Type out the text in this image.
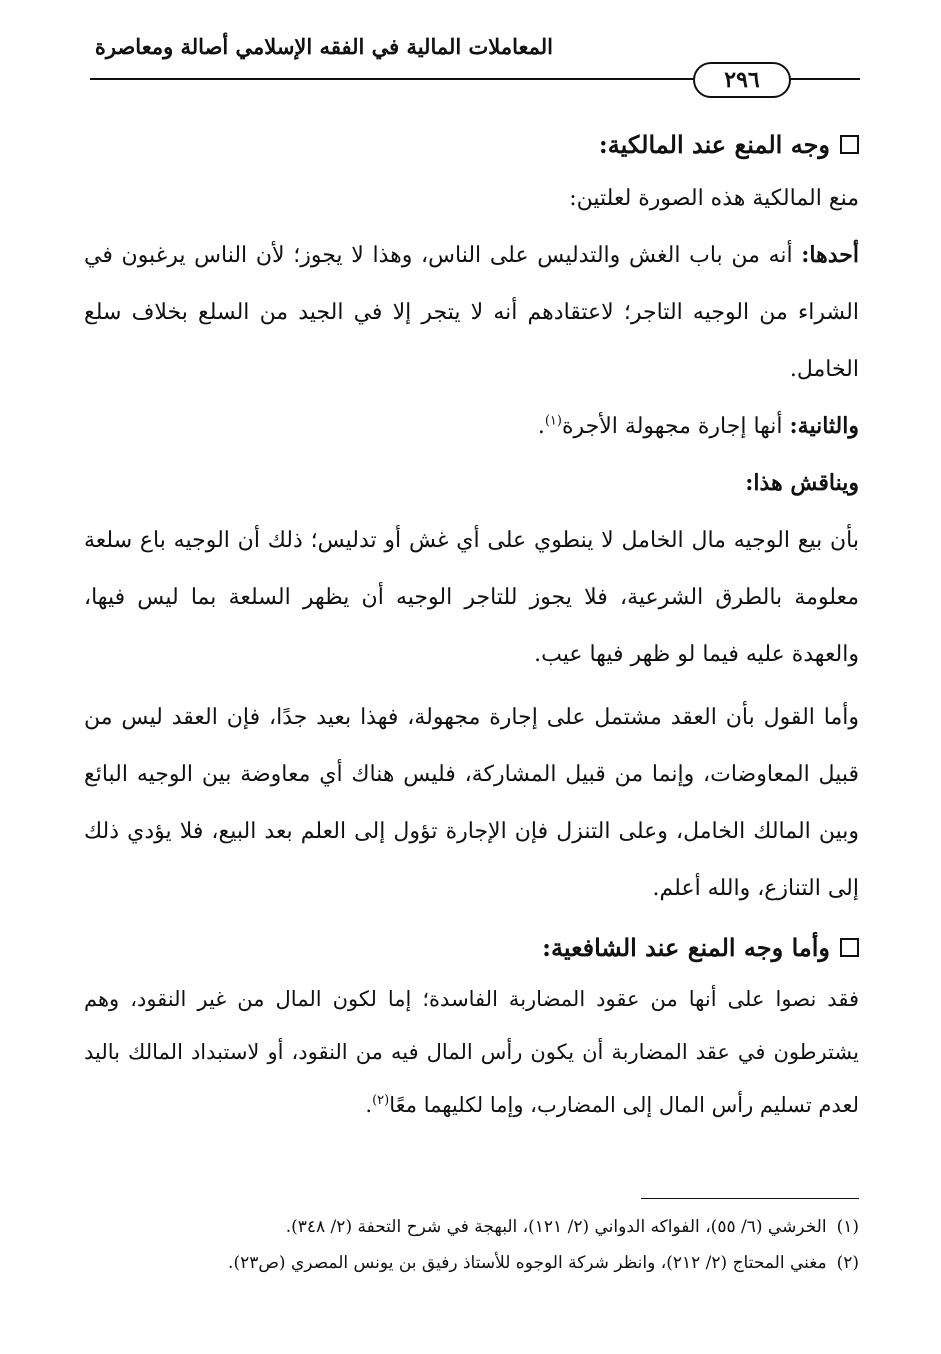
المعاملات المالية في الفقه الإسلامي أصالة ومعاصرة
٢٩٦
وجه المنع عند المالكية:

منع المالكية هذه الصورة لعلتين:

أحدها: أنه من باب الغش والتدليس على الناس، وهذا لا يجوز؛ لأن الناس يرغبون في الشراء من الوجيه التاجر؛ لاعتقادهم أنه لا يتجر إلا في الجيد من السلع بخلاف سلع الخامل.

والثانية: أنها إجارة مجهولة الأجرة$^{(١)}$.

ويناقش هذا:

بأن بيع الوجيه مال الخامل لا ينطوي على أي غش أو تدليس؛ ذلك أن الوجيه باع سلعة معلومة بالطرق الشرعية، فلا يجوز للتاجر الوجيه أن يظهر السلعة بما ليس فيها، والعهدة عليه فيما لو ظهر فيها عيب.

وأما القول بأن العقد مشتمل على إجارة مجهولة، فهذا بعيد جدًا، فإن العقد ليس من قبيل المعاوضات، وإنما من قبيل المشاركة، فليس هناك أي معاوضة بين الوجيه البائع وبين المالك الخامل، وعلى التنزل فإن الإجارة تؤول إلى العلم بعد البيع، فلا يؤدي ذلك إلى التنازع، والله أعلم.

وأما وجه المنع عند الشافعية:

فقد نصوا على أنها من عقود المضاربة الفاسدة؛ إما لكون المال من غير النقود، وهم يشترطون في عقد المضاربة أن يكون رأس المال فيه من النقود، أو لاستبداد المالك باليد لعدم تسليم رأس المال إلى المضارب، وإما لكليهما معًا$^{(٢)}$.

(١)الخرشي (٦/ ٥٥)، الفواكه الدواني (٢/ ١٢١)، البهجة في شرح التحفة (٢/ ٣٤٨).
(٢)مغني المحتاج (٢/ ٢١٢)، وانظر شركة الوجوه للأستاذ رفيق بن يونس المصري (ص٢٣).
